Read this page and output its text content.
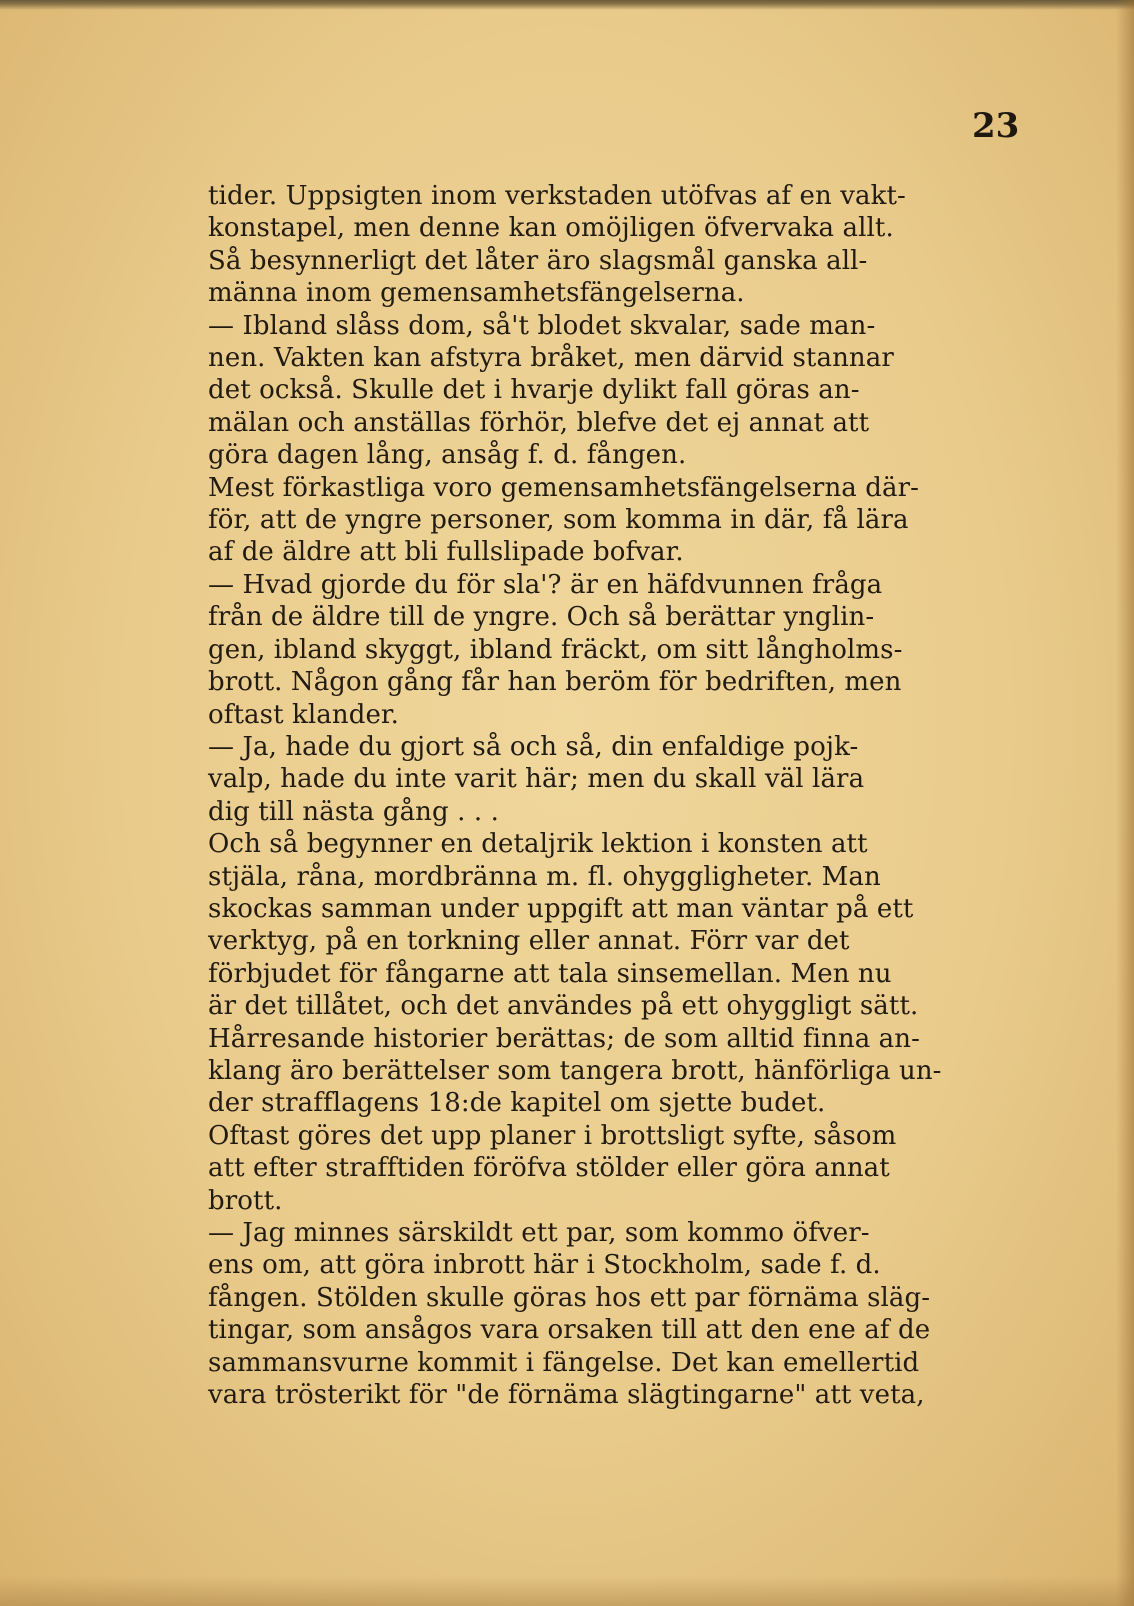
23

tider. Uppsigten inom verkstaden utöfvas af en vakt-
konstapel, men denne kan omöjligen öfvervaka allt.
Så besynnerligt det låter äro slagsmål ganska all-
männa inom gemensamhetsfängelserna.
— Ibland slåss dom, så't blodet skvalar, sade man-
nen. Vakten kan afstyra bråket, men därvid stannar
det också. Skulle det i hvarje dylikt fall göras an-
mälan och anställas förhör, blefve det ej annat att
göra dagen lång, ansåg f. d. fången.
Mest förkastliga voro gemensamhetsfängelserna där-
för, att de yngre personer, som komma in där, få lära
af de äldre att bli fullslipade bofvar.
— Hvad gjorde du för sla'? är en häfdvunnen fråga
från de äldre till de yngre. Och så berättar ynglin-
gen, ibland skyggt, ibland fräckt, om sitt långholms-
brott. Någon gång får han beröm för bedriften, men
oftast klander.
— Ja, hade du gjort så och så, din enfaldige pojk-
valp, hade du inte varit här; men du skall väl lära
dig till nästa gång . . .
Och så begynner en detaljrik lektion i konsten att
stjäla, råna, mordbränna m. fl. ohyggligheter. Man
skockas samman under uppgift att man väntar på ett
verktyg, på en torkning eller annat. Förr var det
förbjudet för fångarne att tala sinsemellan. Men nu
är det tillåtet, och det användes på ett ohyggligt sätt.
Hårresande historier berättas; de som alltid finna an-
klang äro berättelser som tangera brott, hänförliga un-
der strafflagens 18:de kapitel om sjette budet.
Oftast göres det upp planer i brottsligt syfte, såsom
att efter strafftiden föröfva stölder eller göra annat
brott.
— Jag minnes särskildt ett par, som kommo öfver-
ens om, att göra inbrott här i Stockholm, sade f. d.
fången. Stölden skulle göras hos ett par förnäma släg-
tingar, som ansågos vara orsaken till att den ene af de
sammansvurne kommit i fängelse. Det kan emellertid
vara trösterikt för "de förnäma slägtingarne" att veta,
